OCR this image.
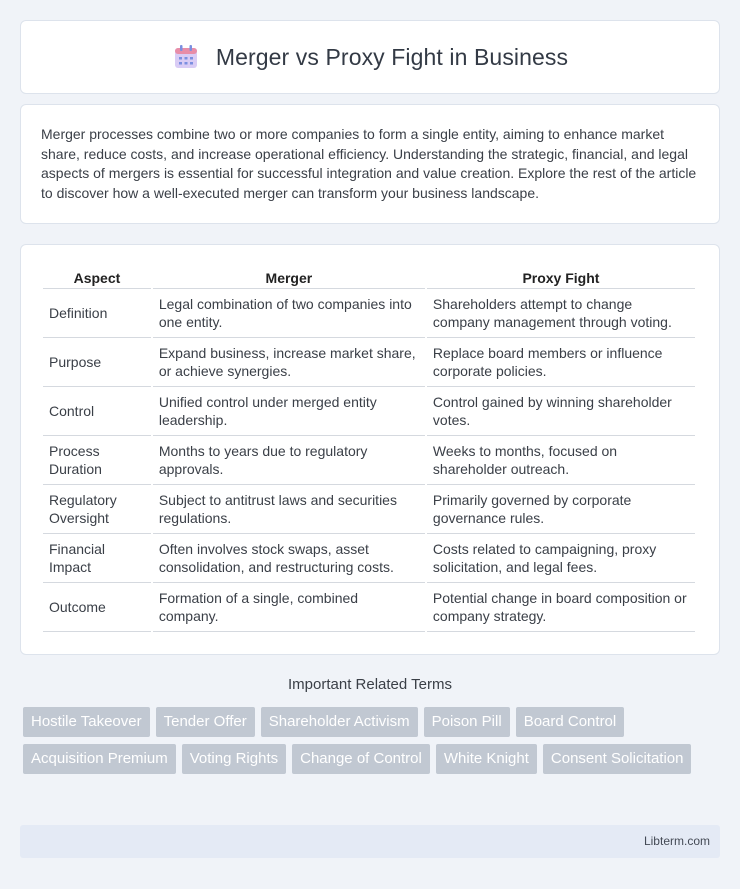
Merger vs Proxy Fight in Business

Merger processes combine two or more companies to form a single entity, aiming to enhance market share, reduce costs, and increase operational efficiency. Understanding the strategic, financial, and legal aspects of mergers is essential for successful integration and value creation. Explore the rest of the article to discover how a well-executed merger can transform your business landscape.

Aspect	Merger	Proxy Fight
Definition	Legal combination of two companies into one entity.	Shareholders attempt to change company management through voting.
Purpose	Expand business, increase market share, or achieve synergies.	Replace board members or influence corporate policies.
Control	Unified control under merged entity leadership.	Control gained by winning shareholder votes.
Process Duration	Months to years due to regulatory approvals.	Weeks to months, focused on shareholder outreach.
Regulatory Oversight	Subject to antitrust laws and securities regulations.	Primarily governed by corporate governance rules.
Financial Impact	Often involves stock swaps, asset consolidation, and restructuring costs.	Costs related to campaigning, proxy solicitation, and legal fees.
Outcome	Formation of a single, combined company.	Potential change in board composition or company strategy.
Important Related Terms
Hostile Takeover	Tender Offer	Shareholder Activism	Poison Pill	Board Control
Acquisition Premium	Voting Rights	Change of Control	White Knight	Consent Solicitation
Libterm.com
